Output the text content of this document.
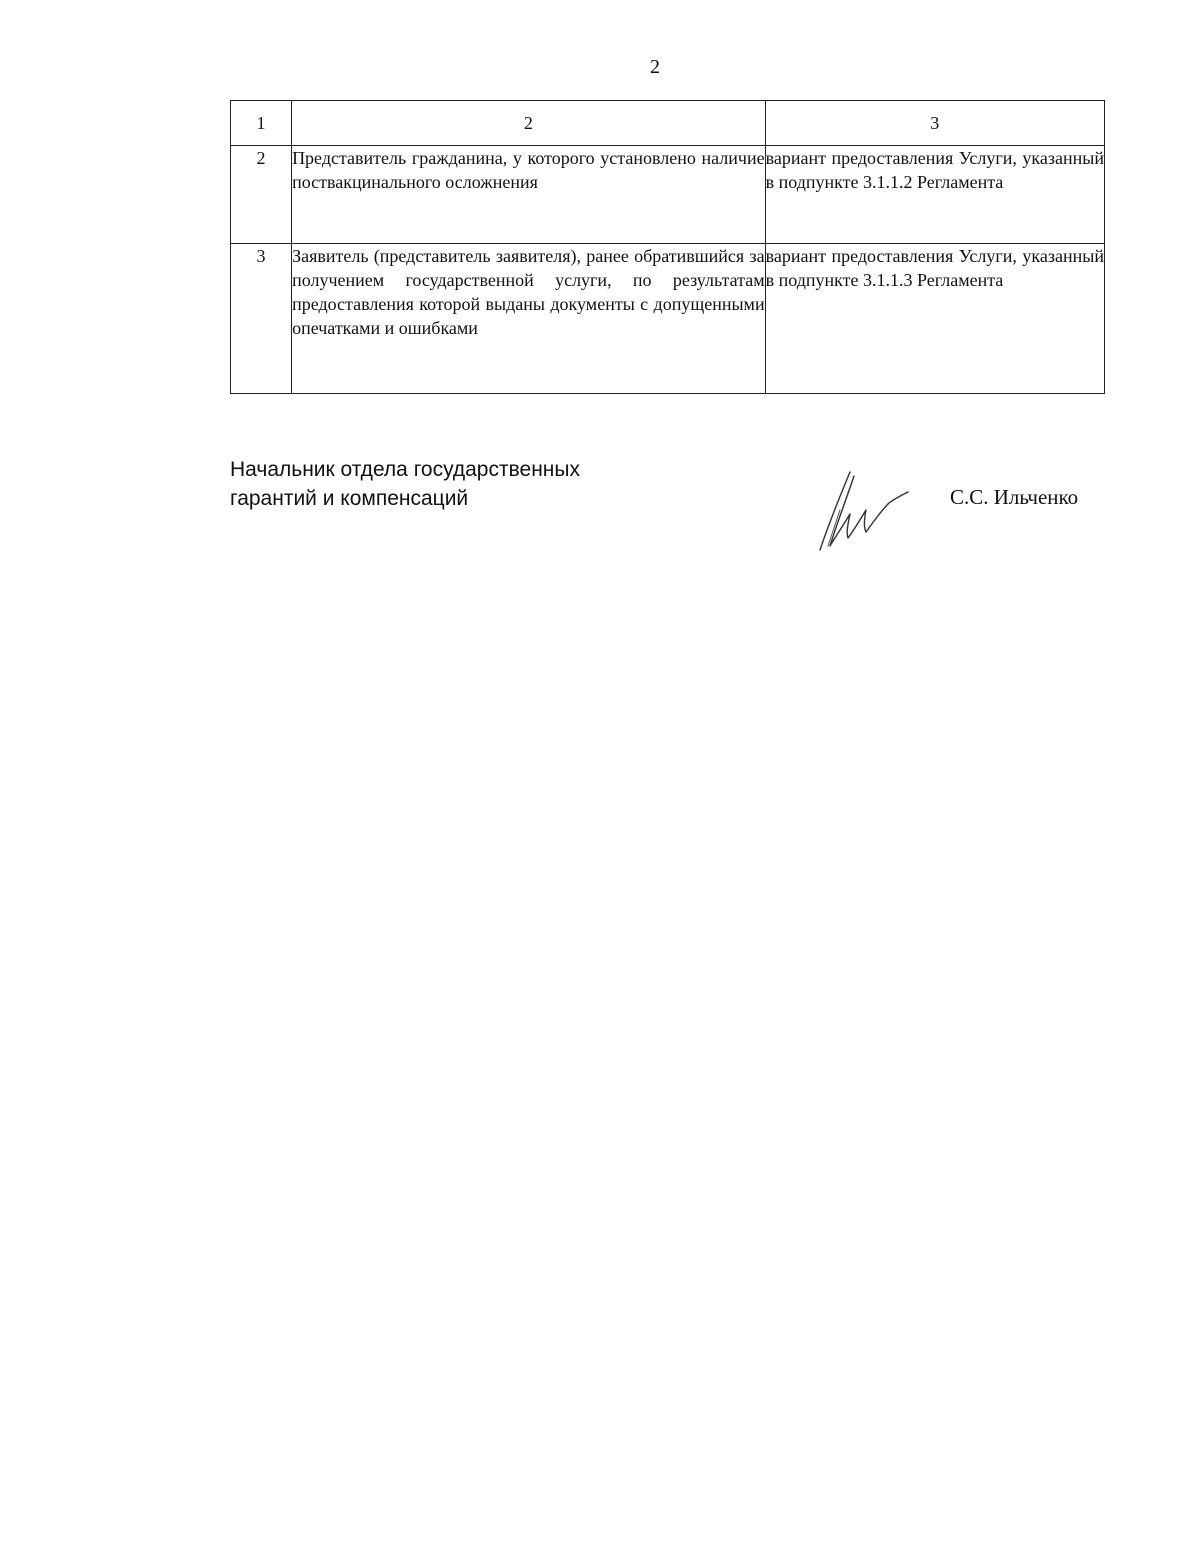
2
1	2	3
2	Представитель гражданина, у которого установлено наличие поствакцинального осложнения	вариант предоставления Услуги, указанный в подпункте 3.1.1.2 Регламента
3	Заявитель (представитель заявителя), ранее обратившийся за получением государственной услуги, по результатам предоставления которой выданы документы с допущенными опечатками и ошибками	вариант предоставления Услуги, указанный в подпункте 3.1.1.3 Регламента
Начальник отдела государственных
гарантий и компенсаций	С.С. Ильченко
